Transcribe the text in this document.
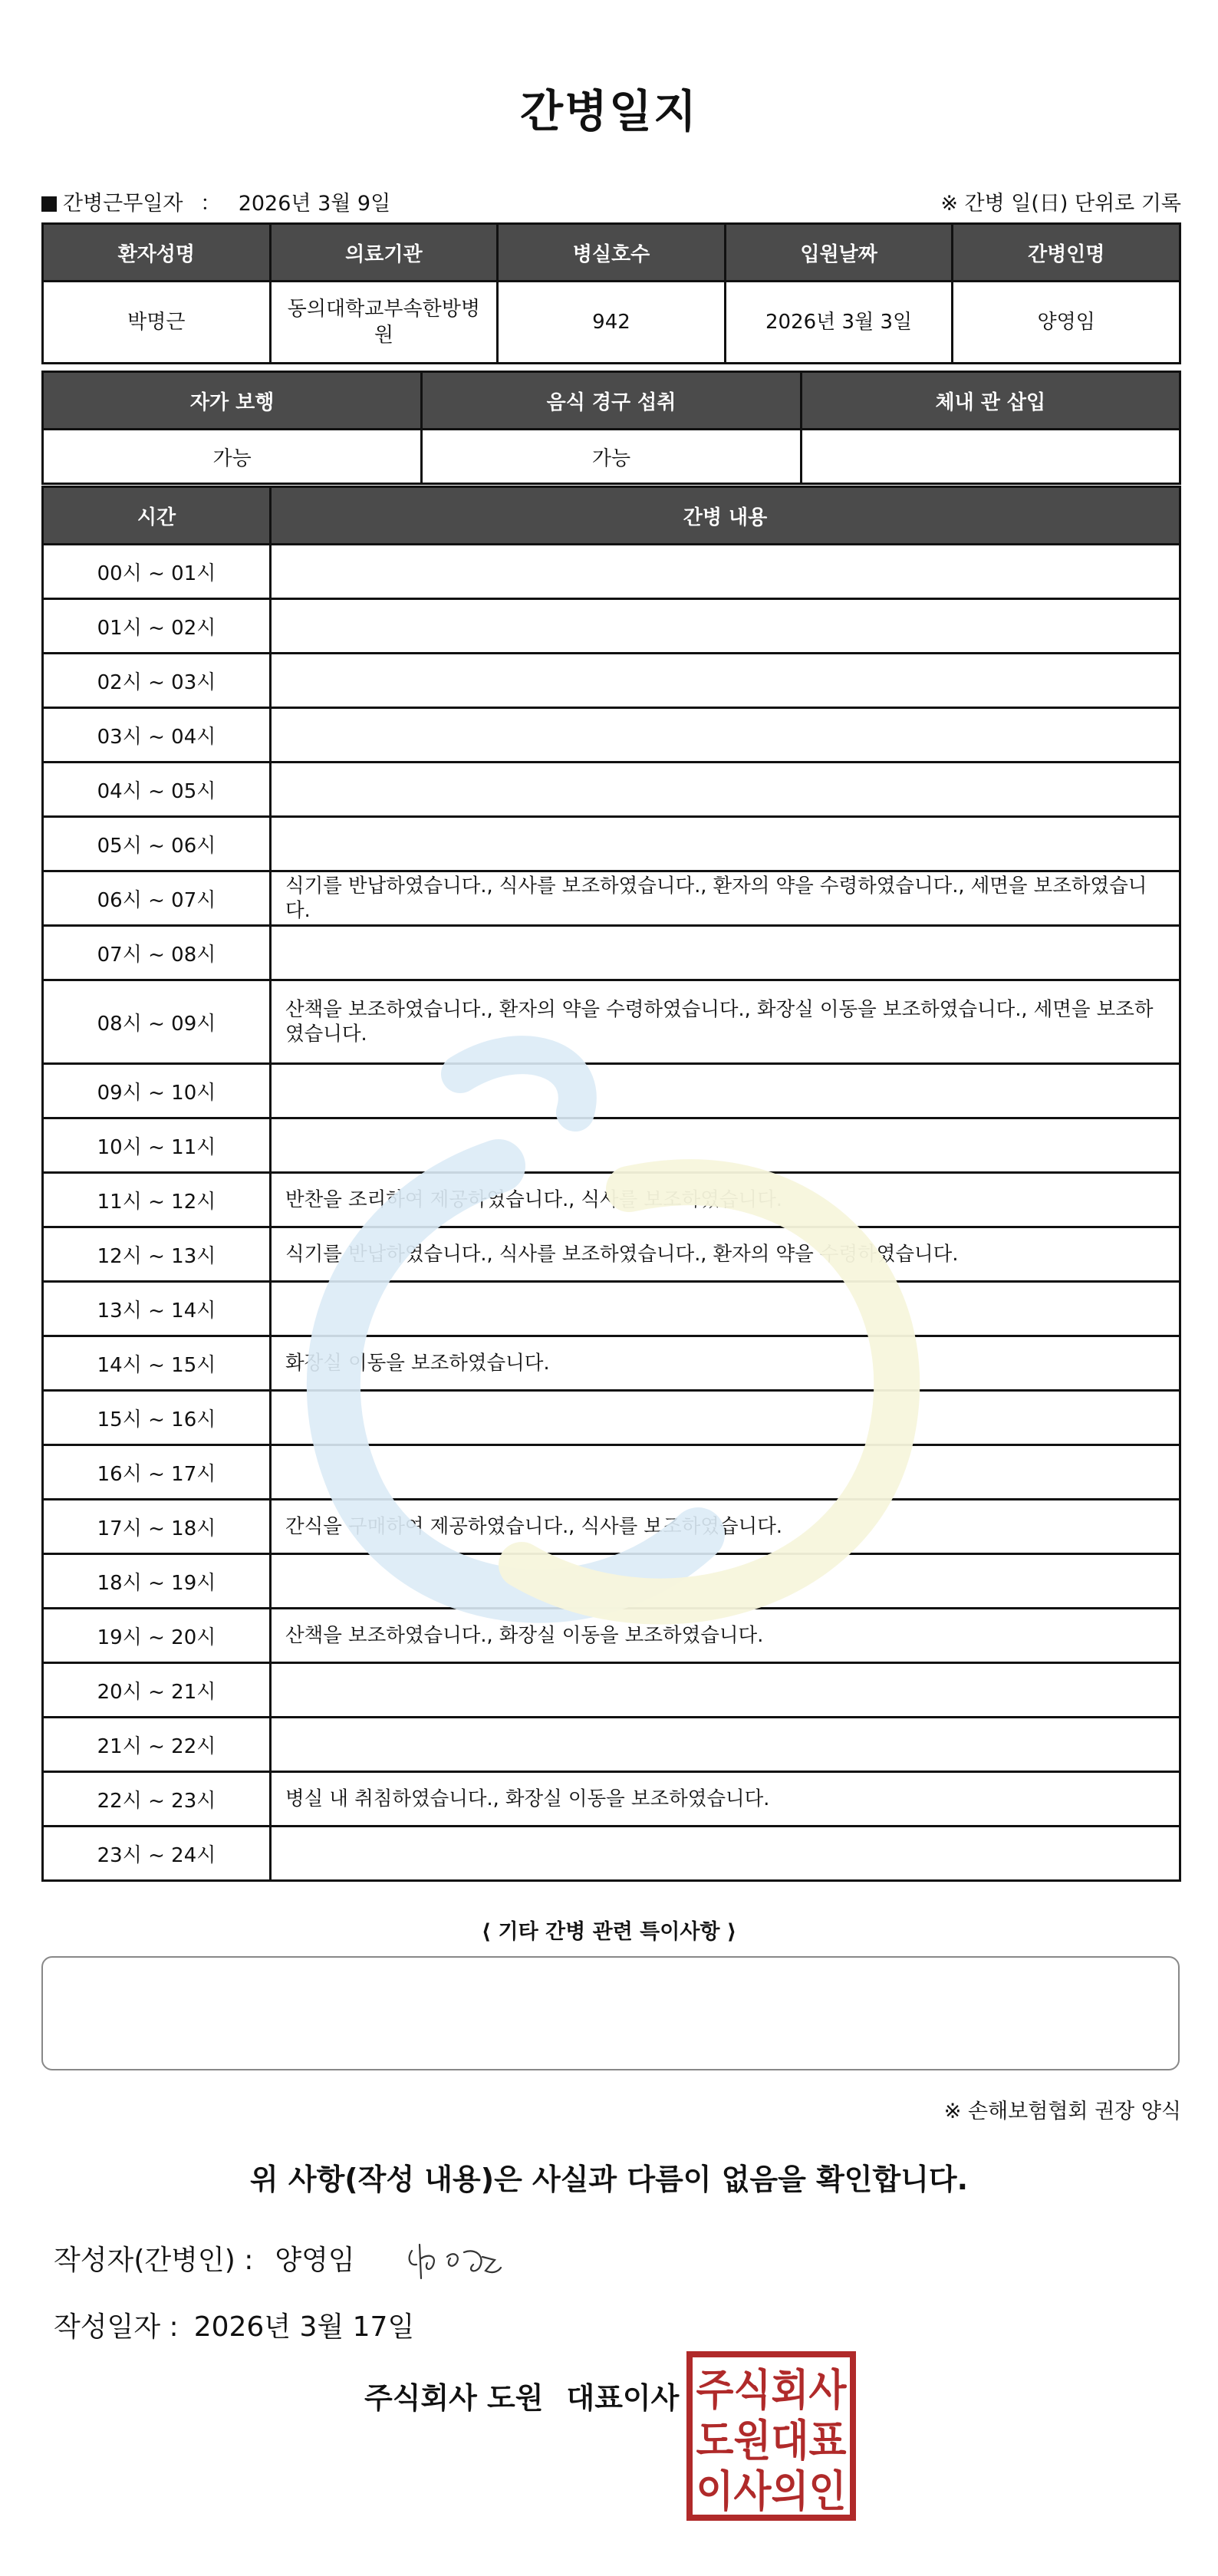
간병일지
간병근무일자 ： 2026년 3월 9일	※ 간병 일(日) 단위로 기록
환자성명	의료기관	병실호수	입원날짜	간병인명
박명근	동의대학교부속한방병원	942	2026년 3월 3일	양영임
자가 보행	음식 경구 섭취	체내 관 삽입
가능	가능	
시간	간병 내용
00시 ~ 01시	
01시 ~ 02시	
02시 ~ 03시	
03시 ~ 04시	
04시 ~ 05시	
05시 ~ 06시	
06시 ~ 07시	식기를 반납하였습니다., 식사를 보조하였습니다., 환자의 약을 수령하였습니다., 세면을 보조하였습니다.
07시 ~ 08시	
08시 ~ 09시	산책을 보조하였습니다., 환자의 약을 수령하였습니다., 화장실 이동을 보조하였습니다., 세면을 보조하였습니다.
09시 ~ 10시	
10시 ~ 11시	
11시 ~ 12시	반찬을 조리하여 제공하였습니다., 식사를 보조하였습니다.
12시 ~ 13시	식기를 반납하였습니다., 식사를 보조하였습니다., 환자의 약을 수령하였습니다.
13시 ~ 14시	
14시 ~ 15시	화장실 이동을 보조하였습니다.
15시 ~ 16시	
16시 ~ 17시	
17시 ~ 18시	간식을 구매하여 제공하였습니다., 식사를 보조하였습니다.
18시 ~ 19시	
19시 ~ 20시	산책을 보조하였습니다., 화장실 이동을 보조하였습니다.
20시 ~ 21시	
21시 ~ 22시	
22시 ~ 23시	병실 내 취침하였습니다., 화장실 이동을 보조하였습니다.
23시 ~ 24시	
⟨ 기타 간병 관련 특이사항 ⟩
※ 손해보험협회 권장 양식
위 사항(작성 내용)은 사실과 다름이 없음을 확인합니다.
작성자(간병인) : 양영임
작성일자 : 2026년 3월 17일
주식회사 도원 대표이사 주식회사
도원대표
이사의인
